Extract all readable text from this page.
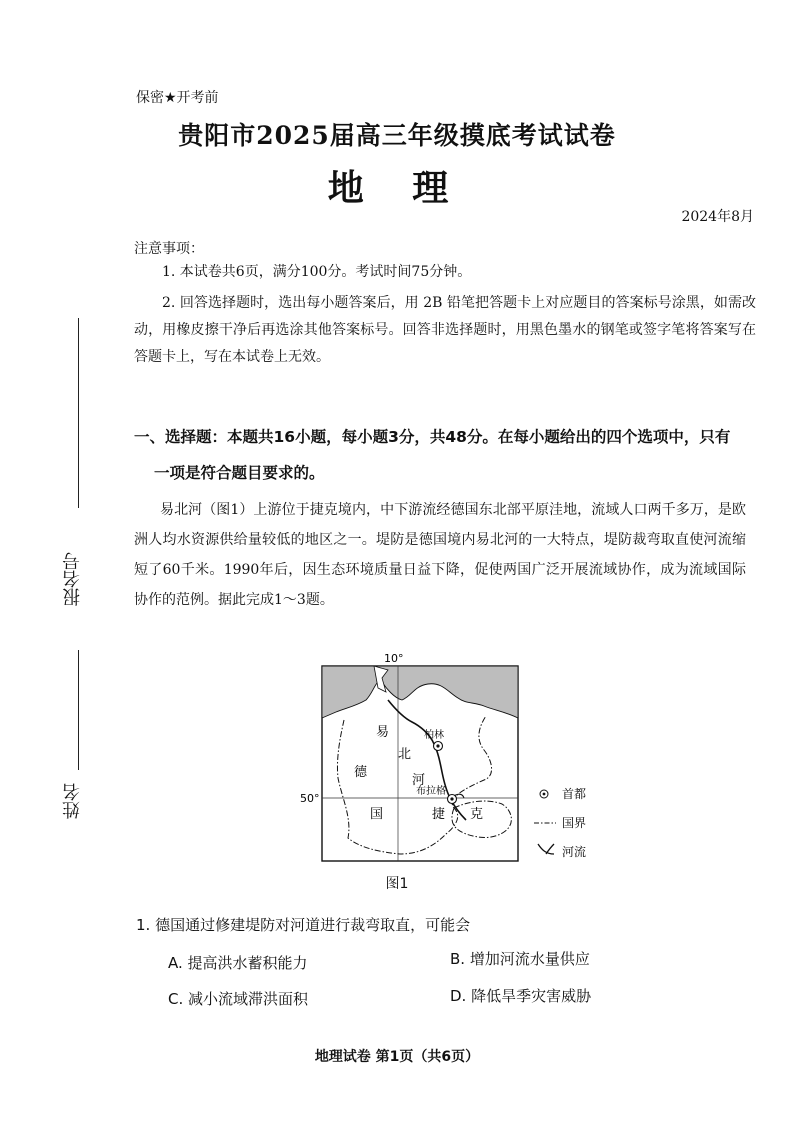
保密★开考前
贵阳市2025届高三年级摸底考试试卷
地 理
2024年8月
注意事项：
1. 本试卷共6页，满分100分。考试时间75分钟。
2. 回答选择题时，选出每小题答案后，用 2B 铅笔把答题卡上对应题目的答案标号涂黑，如需改动，用橡皮擦干净后再选涂其他答案标号。回答非选择题时，用黑色墨水的钢笔或签字笔将答案写在答题卡上，写在本试卷上无效。
报名号
姓名
一、选择题：本题共16小题，每小题3分，共48分。在每小题给出的四个选项中，只有
一项是符合题目要求的。
易北河（图1）上游位于捷克境内，中下游流经德国东北部平原洼地，流域人口两千多万，是欧洲人均水资源供给量较低的地区之一。堤防是德国境内易北河的一大特点，堤防裁弯取直使河流缩短了60千米。1990年后，因生态环境质量日益下降，促使两国广泛开展流域协作，成为流域国际协作的范例。据此完成1～3题。
10°
易
北
河
柏林
布拉格
德
国	捷 克
50°	首都
国界
河流
图1
1. 德国通过修建堤防对河道进行裁弯取直，可能会
A. 提高洪水蓄积能力	B. 增加河流水量供应
C. 减小流域滞洪面积	D. 降低旱季灾害威胁
地理试卷 第1页（共6页）
